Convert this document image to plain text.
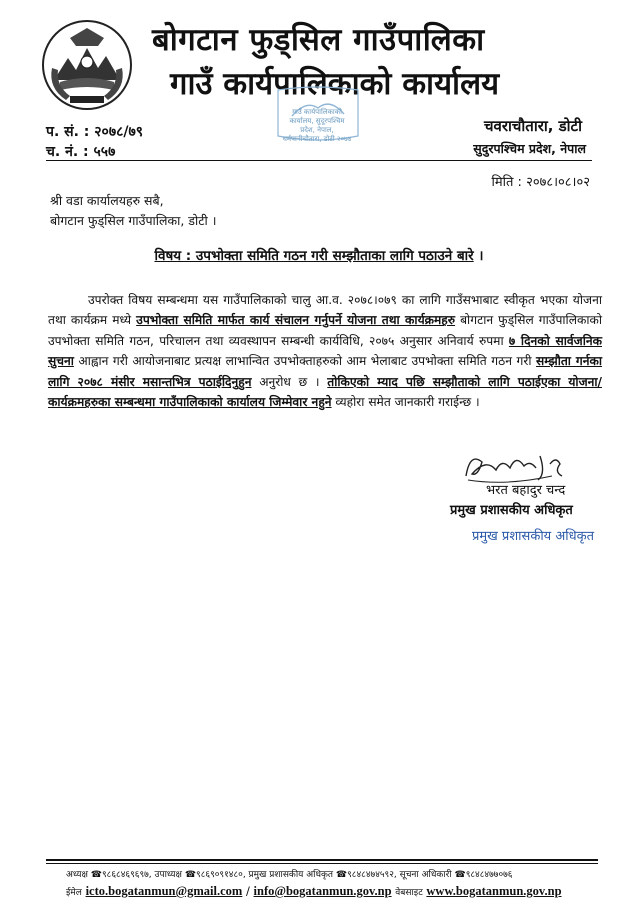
बोगटान फुड्सिल गाउँपालिका
गाउँ कार्यपालिकाको कार्यालय
गाउँ कार्यपालिकाको कार्यालय, सुदूरपश्चिम प्रदेश, नेपाल, धर्मपानीचौतारा, डोटी २०७४
प. सं. : २०७८/७९
च. नं. : ५५७
चवराचौतारा, डोटी
सुदुरपश्चिम प्रदेश, नेपाल
मिति : २०७८।०८।०२
श्री वडा कार्यालयहरु सबै,
बोगटान फुड्सिल गाउँपालिका, डोटी ।
विषय : उपभोक्ता समिति गठन गरी सम्झौताका लागि पठाउने बारे ।

उपरोक्त विषय सम्बन्धमा यस गाउँपालिकाको चालु आ.व. २०७८।०७९ का लागि गाउँसभाबाट स्वीकृत भएका योजना तथा कार्यक्रम मध्ये उपभोक्ता समिति मार्फत कार्य संचालन गर्नुपर्ने योजना तथा कार्यक्रमहरु बोगटान फुड्सिल गाउँपालिकाको उपभोक्ता समिति गठन, परिचालन तथा व्यवस्थापन सम्बन्धी कार्यविधि, २०७५ अनुसार अनिवार्य रुपमा ७ दिनको सार्वजनिक सुचना आह्वान गरी आयोजनाबाट प्रत्यक्ष लाभान्वित उपभोक्ताहरुको आम भेलाबाट उपभोक्ता समिति गठन गरी सम्झौता गर्नका लागि २०७८ मंसीर मसान्तभित्र पठाईदिनुहुन अनुरोध छ । तोकिएको म्याद पछि सम्झौताको लागि पठाईएका योजना/कार्यक्रमहरुका सम्बन्धमा गाउँपालिकाको कार्यालय जिम्मेवार नहुने व्यहोरा समेत जानकारी गराईन्छ ।

भरत बहादुर चन्द
प्रमुख प्रशासकीय अधिकृत
प्रमुख प्रशासकीय अधिकृत
अध्यक्ष ☎९८६८४६९६९७, उपाध्यक्ष ☎९८६९०९१४८०, प्रमुख प्रशासकीय अधिकृत ☎९८४८४७४५९२, सूचना अधिकारी ☎९८४८४७७०७६
ईमेल icto.bogatanmun@gmail.com / info@bogatanmun.gov.np वेबसाइट www.bogatanmun.gov.np
